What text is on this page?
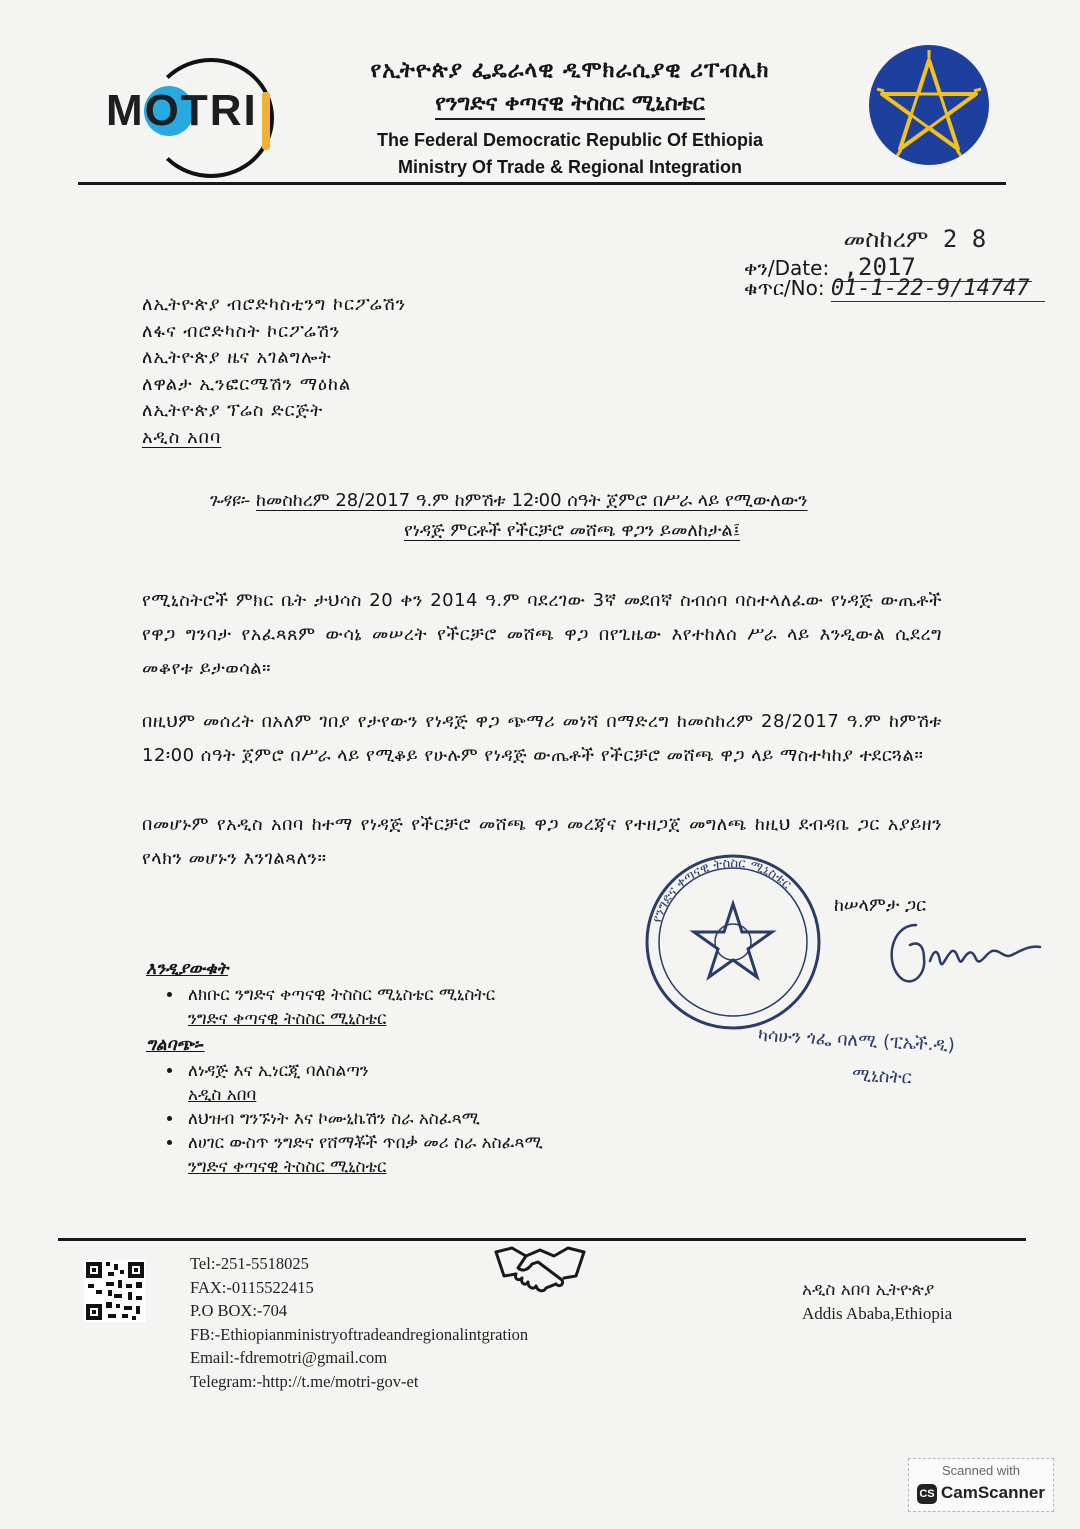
MOTRI
የኢትዮጵያ ፌዴራላዊ ዲሞክራሲያዊ ሪፐብሊክ
የንግድና ቀጣናዊ ትስስር ሚኒስቴር
The Federal Democratic Republic Of Ethiopia
Ministry Of Trade & Regional Integration
ቀን/Date: መስከረም 2 8 ,2017
ቁጥር/No: 01-1-22-9/14747
ለኢትዮጵያ ብሮድካስቲንግ ኮርፖሬሽን
ለፋና ብሮድካስት ኮርፖሬሽን
ለኢትዮጵያ ዜና አገልግሎት
ለዋልታ ኢንፎርሜሽን ማዕከል
ለኢትዮጵያ ፕሬስ ድርጅት
አዲስ አበባ
ጉዳዩ፡- ከመስከረም 28/2017 ዓ.ም ከምሽቱ 12፡00 ሰዓት ጀምሮ በሥራ ላይ የሚውለውን
የነዳጅ ምርቶች የችርቻሮ መሸጫ ዋጋን ይመለከታል፤
የሚኒስትሮች ምክር ቤት ታህሳስ 20 ቀን 2014 ዓ.ም ባደረገው 3ኛ መደበኛ ስብሰባ ባስተላለፈው የነዳጅ ውጤቶች የዋጋ ግንባታ የአፈጻጸም ውሳኔ መሠረት የችርቻሮ መሸጫ ዋጋ በየጊዜው እየተከለሰ ሥራ ላይ እንዲውል ሲደረግ መቆየቱ ይታወሳል።
በዚህም መሰረት በአለም ገበያ የታየውን የነዳጅ ዋጋ ጭማሪ መነሻ በማድረግ ከመስከረም 28/2017 ዓ.ም ከምሽቱ 12፡00 ሰዓት ጀምሮ በሥራ ላይ የሚቆይ የሁሉም የነዳጅ ውጤቶች የችርቻሮ መሸጫ ዋጋ ላይ ማስተካከያ ተደርጓል።
በመሆኑም የአዲስ አበባ ከተማ የነዳጅ የችርቻሮ መሸጫ ዋጋ መረጃና የተዘጋጀ መግለጫ ከዚህ ደብዳቤ ጋር አያይዘን የላክን መሆኑን እንገልጻለን።
የንግድና ቀጣናዊ ትስስር ሚኒስቴር
ከሠላምታ ጋር
ካሳሁን ጎፌ ባለሚ (ፒኤች.ዲ)
ሚኒስትር
እንዲያውቁት
• ለክቡር ንግድና ቀጣናዊ ትስስር ሚኒስቴር ሚኒስትር
ንግድና ቀጣናዊ ትስስር ሚኒስቴር
ግልባጭ፡-
• ለነዳጅ እና ኢነርጂ ባለስልጣን
አዲስ አበባ
• ለህዝብ ግንኙነት እና ኮሙኒኬሽን ስራ አስፈጻሚ
• ለሀገር ውስጥ ንግድና የሸማቾች ጥበቃ መሪ ስራ አስፈጻሚ
ንግድና ቀጣናዊ ትስስር ሚኒስቴር
Tel:-251-5518025
FAX:-0115522415
P.O BOX:-704
FB:-Ethiopianministryoftradeandregionalintgration
Email:-fdremotri@gmail.com
Telegram:-http://t.me/motri-gov-et
አዲስ አበባ ኢትዮጵያ
Addis Ababa,Ethiopia
Scanned with
CS CamScanner
